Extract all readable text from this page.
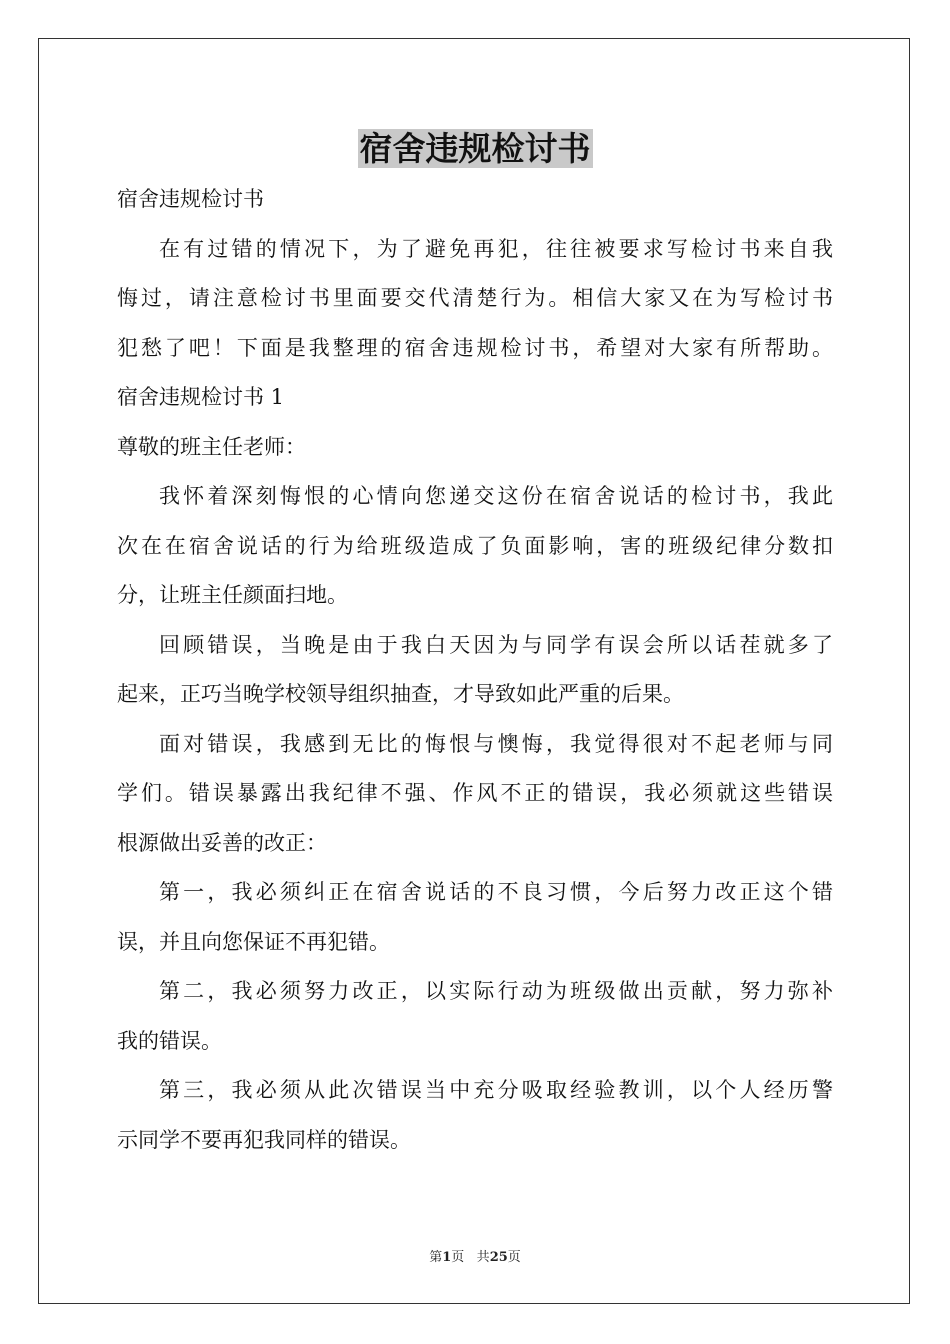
宿舍违规检讨书
宿舍违规检讨书
在有过错的情况下，为了避免再犯，往往被要求写检讨书来自我
悔过，请注意检讨书里面要交代清楚行为。相信大家又在为写检讨书
犯愁了吧！下面是我整理的宿舍违规检讨书，希望对大家有所帮助。
宿舍违规检讨书 1
尊敬的班主任老师：
我怀着深刻悔恨的心情向您递交这份在宿舍说话的检讨书，我此
次在在宿舍说话的行为给班级造成了负面影响，害的班级纪律分数扣
分，让班主任颜面扫地。
回顾错误，当晚是由于我白天因为与同学有误会所以话茬就多了
起来，正巧当晚学校领导组织抽查，才导致如此严重的后果。
面对错误，我感到无比的悔恨与懊悔，我觉得很对不起老师与同
学们。错误暴露出我纪律不强、作风不正的错误，我必须就这些错误
根源做出妥善的改正：
第一，我必须纠正在宿舍说话的不良习惯，今后努力改正这个错
误，并且向您保证不再犯错。
第二，我必须努力改正，以实际行动为班级做出贡献，努力弥补
我的错误。
第三，我必须从此次错误当中充分吸取经验教训，以个人经历警
示同学不要再犯我同样的错误。
第1页 共25页
